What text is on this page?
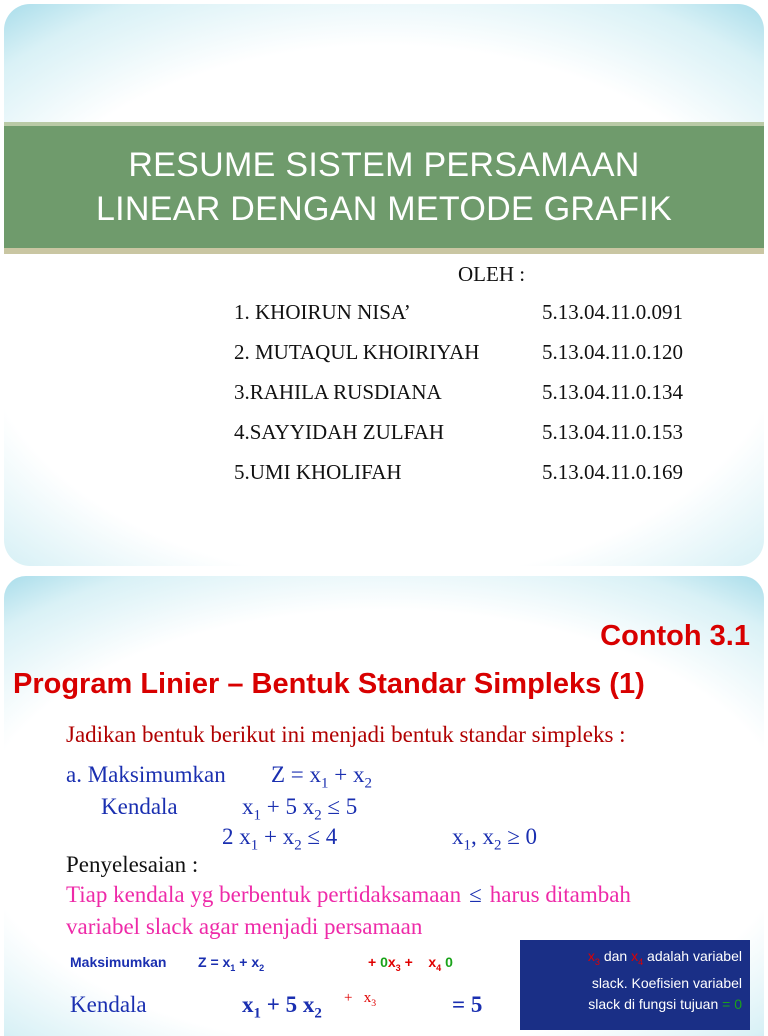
RESUME SISTEM PERSAMAAN
LINEAR DENGAN METODE GRAFIK
OLEH :
1. KHOIRUN NISA’	5.13.04.11.0.091
2. MUTAQUL KHOIRIYAH	5.13.04.11.0.120
3.RAHILA RUSDIANA	5.13.04.11.0.134
4.SAYYIDAH ZULFAH	5.13.04.11.0.153
5.UMI KHOLIFAH	5.13.04.11.0.169
Contoh 3.1
Program Linier – Bentuk Standar Simpleks (1)
Jadikan bentuk berikut ini menjadi bentuk standar simpleks :
a. Maksimumkan $Z = x_1 + x_2$
Kendala	$x_1 + 5$ $x_2 \le 5$
2 $x_1 + x_2 \le 4$	$x_1$, $x_2 \ge 0$
Penyelesaian :
Tiap kendala yg berbentuk pertidaksamaan ≤ harus ditambah
variabel slack agar menjadi persamaan
Maksimumkan $Z = x_1 + x_2$	+ $0x_3 + x_4$ 0
Kendala	$x_1 + 5$ $x_2$
+ $x_3$	= 5
$x_3$ dan $x_4$ adalah variabel
slack. Koefisien variabel
slack di fungsi tujuan = 0
